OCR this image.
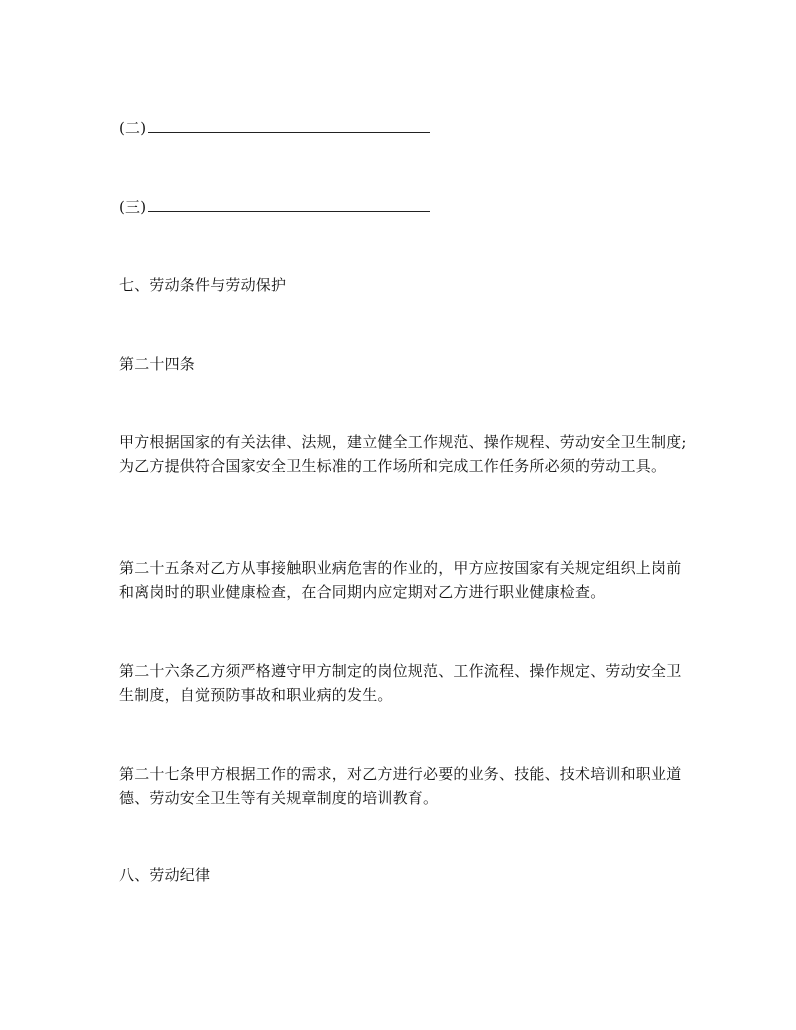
(二)
(三)
七、劳动条件与劳动保护
第二十四条
甲方根据国家的有关法律、法规，建立健全工作规范、操作规程、劳动安全卫生制度;为乙方提供符合国家安全卫生标准的工作场所和完成工作任务所必须的劳动工具。
第二十五条对乙方从事接触职业病危害的作业的，甲方应按国家有关规定组织上岗前和离岗时的职业健康检查，在合同期内应定期对乙方进行职业健康检查。
第二十六条乙方须严格遵守甲方制定的岗位规范、工作流程、操作规定、劳动安全卫生制度，自觉预防事故和职业病的发生。
第二十七条甲方根据工作的需求，对乙方进行必要的业务、技能、技术培训和职业道德、劳动安全卫生等有关规章制度的培训教育。
八、劳动纪律
